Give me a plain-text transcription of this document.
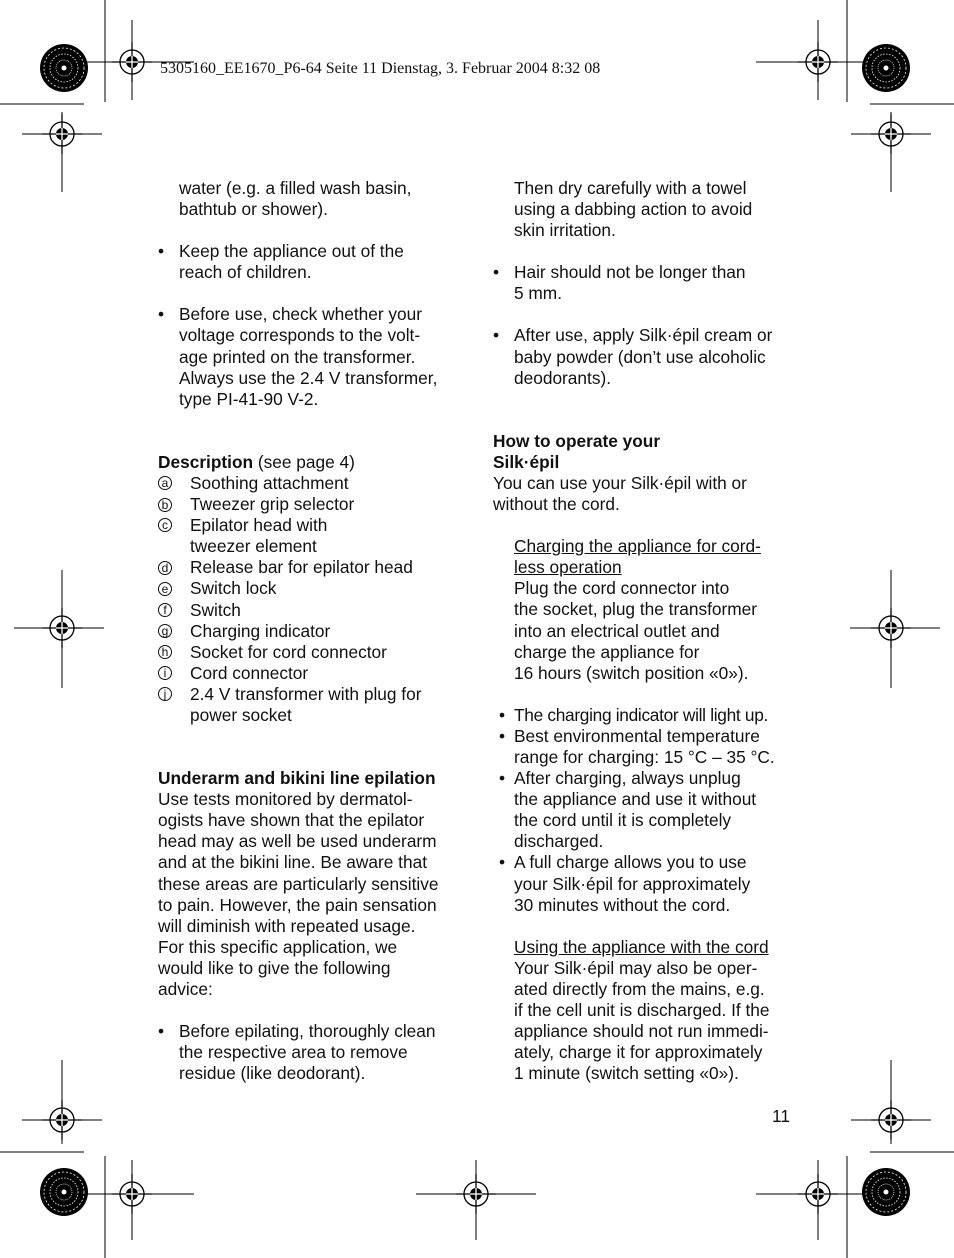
5305160_EE1670_P6-64 Seite 11 Dienstag, 3. Februar 2004 8:32 08
water (e.g. a filled wash basin,
bathtub or shower).
• Keep the appliance out of the
reach of children.
• Before use, check whether your
voltage corresponds to the volt-
age printed on the transformer.
Always use the 2.4 V transformer,
type PI-41-90 V-2.
Description (see page 4)
a Soothing attachment
b Tweezer grip selector
c Epilator head with
tweezer element
d Release bar for epilator head
e Switch lock
f	Switch
g Charging indicator
h Socket for cord connector
i	Cord connector
j	2.4 V transformer with plug for
power socket
Underarm and bikini line epilation
Use tests monitored by dermatol-
ogists have shown that the epilator
head may as well be used underarm
and at the bikini line. Be aware that
these areas are particularly sensitive
to pain. However, the pain sensation
will diminish with repeated usage.
For this specific application, we
would like to give the following
advice:
• Before epilating, thoroughly clean
the respective area to remove
residue (like deodorant).
Then dry carefully with a towel
using a dabbing action to avoid
skin irritation.
• Hair should not be longer than
5 mm.
• After use, apply Silk·épil cream or
baby powder (don’t use alcoholic
deodorants).
How to operate your
Silk·épil
You can use your Silk·épil with or
without the cord.
Charging the appliance for cord-
less operation
Plug the cord connector into
the socket, plug the transformer
into an electrical outlet and
charge the appliance for
16 hours (switch position «0»).
• The charging indicator will light up.
• Best environmental temperature
range for charging: 15 °C – 35 °C.
• After charging, always unplug
the appliance and use it without
the cord until it is completely
discharged.
• A full charge allows you to use
your Silk·épil for approximately
30 minutes without the cord.
Using the appliance with the cord
Your Silk·épil may also be oper-
ated directly from the mains, e.g.
if the cell unit is discharged. If the
appliance should not run immedi-
ately, charge it for approximately
1 minute (switch setting «0»).
11
